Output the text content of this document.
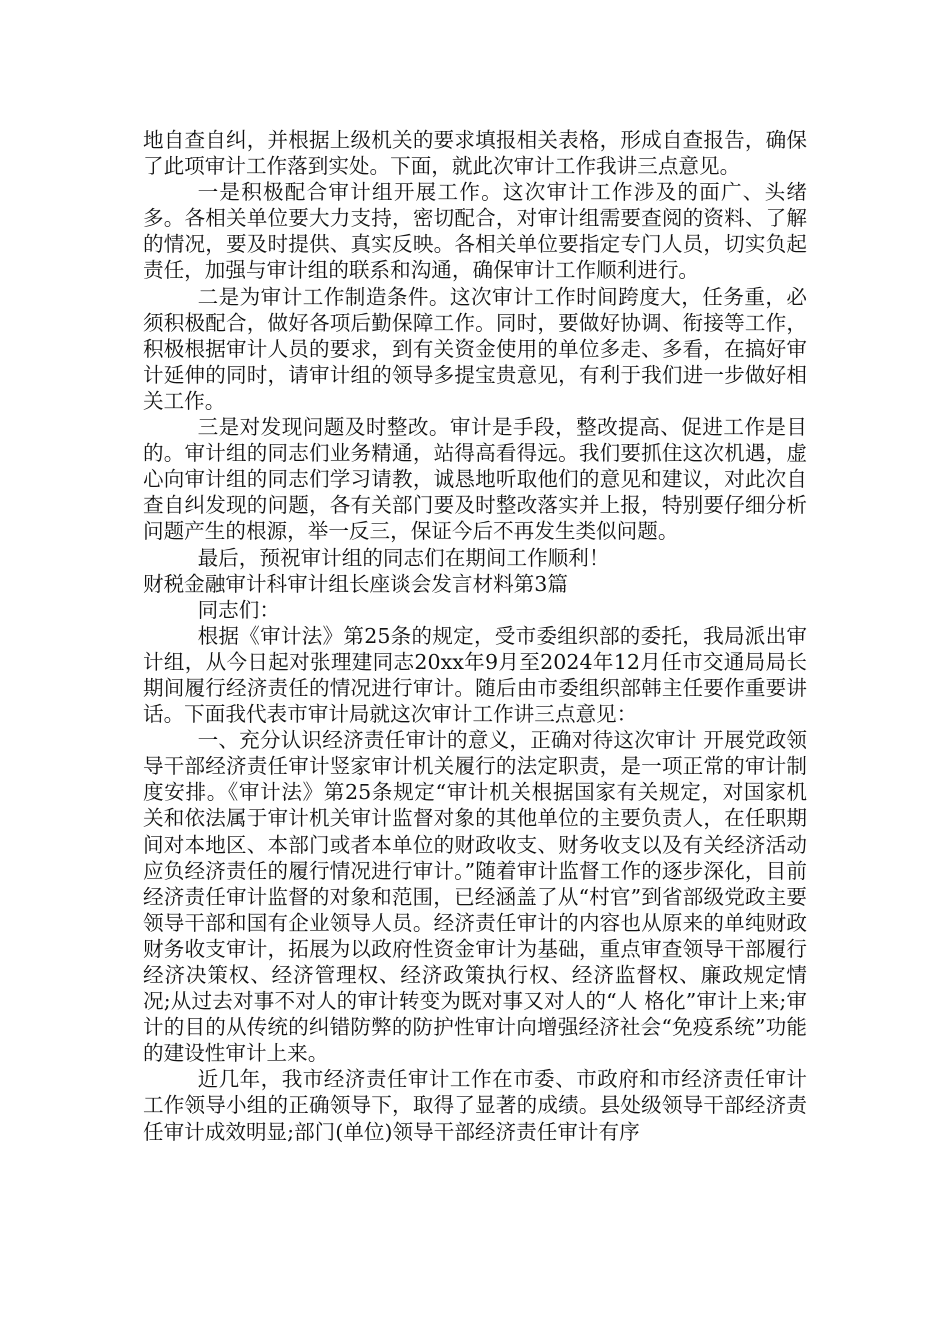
地自查自纠，并根据上级机关的要求填报相关表格，形成自查报告，确保了此项审计工作落到实处。下面，就此次审计工作我讲三点意见。

一是积极配合审计组开展工作。这次审计工作涉及的面广、头绪多。各相关单位要大力支持，密切配合，对审计组需要查阅的资料、了解的情况，要及时提供、真实反映。各相关单位要指定专门人员，切实负起责任，加强与审计组的联系和沟通，确保审计工作顺利进行。

二是为审计工作制造条件。这次审计工作时间跨度大，任务重，必须积极配合，做好各项后勤保障工作。同时，要做好协调、衔接等工作，积极根据审计人员的要求，到有关资金使用的单位多走、多看，在搞好审计延伸的同时，请审计组的领导多提宝贵意见，有利于我们进一步做好相关工作。

三是对发现问题及时整改。审计是手段，整改提高、促进工作是目的。审计组的同志们业务精通，站得高看得远。我们要抓住这次机遇，虚心向审计组的同志们学习请教，诚恳地听取他们的意见和建议，对此次自查自纠发现的问题，各有关部门要及时整改落实并上报，特别要仔细分析问题产生的根源，举一反三，保证今后不再发生类似问题。

最后，预祝审计组的同志们在期间工作顺利！

财税金融审计科审计组长座谈会发言材料第3篇

同志们：

根据《审计法》第25条的规定，受市委组织部的委托，我局派出审计组，从今日起对张理建同志20xx年9月至2024年12月任市交通局局长期间履行经济责任的情况进行审计。随后由市委组织部韩主任要作重要讲话。下面我代表市审计局就这次审计工作讲三点意见：

一、充分认识经济责任审计的意义，正确对待这次审计 开展党政领导干部经济责任审计竖家审计机关履行的法定职责，是一项正常的审计制度安排。《审计法》第25条规定“审计机关根据国家有关规定，对国家机关和依法属于审计机关审计监督对象的其他单位的主要负责人，在任职期间对本地区、本部门或者本单位的财政收支、财务收支以及有关经济活动应负经济责任的履行情况进行审计。”随着审计监督工作的逐步深化，目前经济责任审计监督的对象和范围，已经涵盖了从“村官”到省部级党政主要领导干部和国有企业领导人员。经济责任审计的内容也从原来的单纯财政财务收支审计，拓展为以政府性资金审计为基础，重点审查领导干部履行经济决策权、经济管理权、经济政策执行权、经济监督权、廉政规定情况;从过去对事不对人的审计转变为既对事又对人的“人 格化”审计上来;审计的目的从传统的纠错防弊的防护性审计向增强经济社会“免疫系统”功能的建设性审计上来。

近几年，我市经济责任审计工作在市委、市政府和市经济责任审计工作领导小组的正确领导下，取得了显著的成绩。县处级领导干部经济责任审计成效明显;部门(单位)领导干部经济责任审计有序
